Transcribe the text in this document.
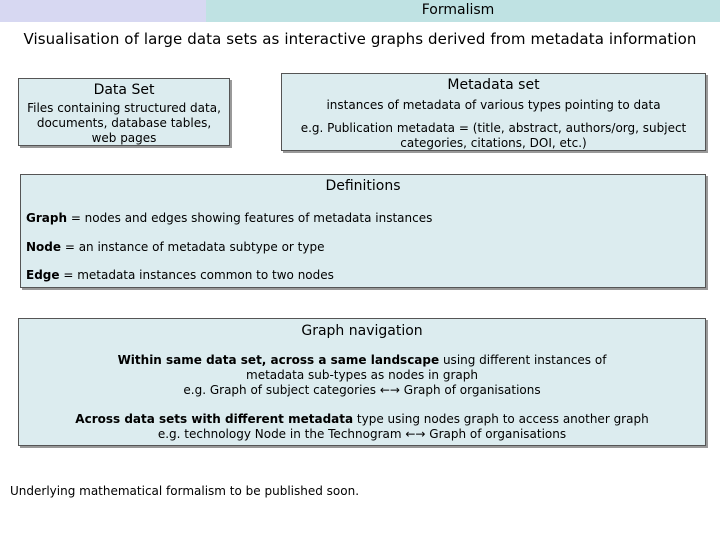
Formalism
Visualisation of large data sets as interactive graphs derived from metadata information
Data Set
Files containing structured data,
documents, database tables,
web pages
Metadata set
instances of metadata of various types pointing to data
e.g. Publication metadata = (title, abstract, authors/org, subject
categories, citations, DOI, etc.)
Definitions
Graph = nodes and edges showing features of metadata instances
Node = an instance of metadata subtype or type
Edge = metadata instances common to two nodes
Graph navigation
Within same data set, across a same landscape using different instances of
metadata sub-types as nodes in graph
e.g. Graph of subject categories ←→ Graph of organisations
Across data sets with different metadata type using nodes graph to access another graph
e.g. technology Node in the Technogram ←→ Graph of organisations
Underlying mathematical formalism to be published soon.
